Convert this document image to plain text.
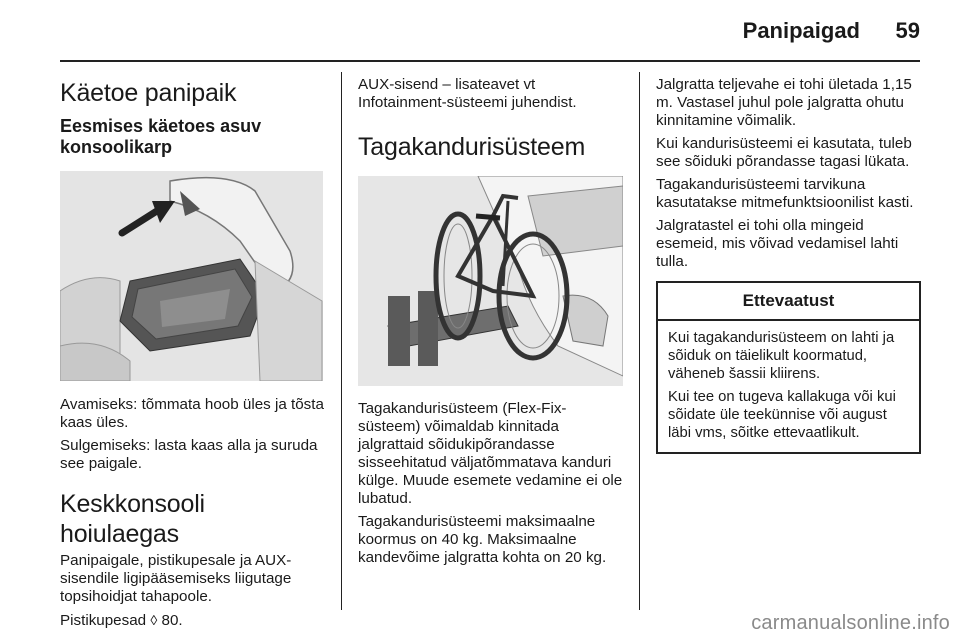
Panipaigad	59
Käetoe panipaik
Eesmises käetoes asuv konsoolikarp

Avamiseks: tõmmata hoob üles ja tõsta kaas üles.

Sulgemiseks: lasta kaas alla ja suruda see paigale.

Keskkonsooli hoiulaegas

Panipaigale, pistikupesale ja AUX-sisendile ligipääsemiseks liigutage topsihoidjat tahapoole.

Pistikupesad ◊ 80.

AUX-sisend – lisateavet vt Infotainment-süsteemi juhendist.

Tagakandurisüsteem

Tagakandurisüsteem (Flex-Fix-süsteem) võimaldab kinnitada jalgrattaid sõidukipõrandasse sisseehitatud väljatõmmatava kanduri külge. Muude esemete vedamine ei ole lubatud.

Tagakandurisüsteemi maksimaalne koormus on 40 kg. Maksimaalne kandevõime jalgratta kohta on 20 kg.

Jalgratta teljevahe ei tohi ületada 1,15 m. Vastasel juhul pole jalgratta ohutu kinnitamine võimalik.

Kui kandurisüsteemi ei kasutata, tuleb see sõiduki põrandasse tagasi lükata.

Tagakandurisüsteemi tarvikuna kasutatakse mitmefunktsioonilist kasti.

Jalgratastel ei tohi olla mingeid esemeid, mis võivad vedamisel lahti tulla.

Ettevaatust

Kui tagakandurisüsteem on lahti ja sõiduk on täielikult koormatud, väheneb šassii kliirens.

Kui tee on tugeva kallakuga või kui sõidate üle teekünnise või august läbi vms, sõitke ettevaatlikult.

carmanualsonline.info
